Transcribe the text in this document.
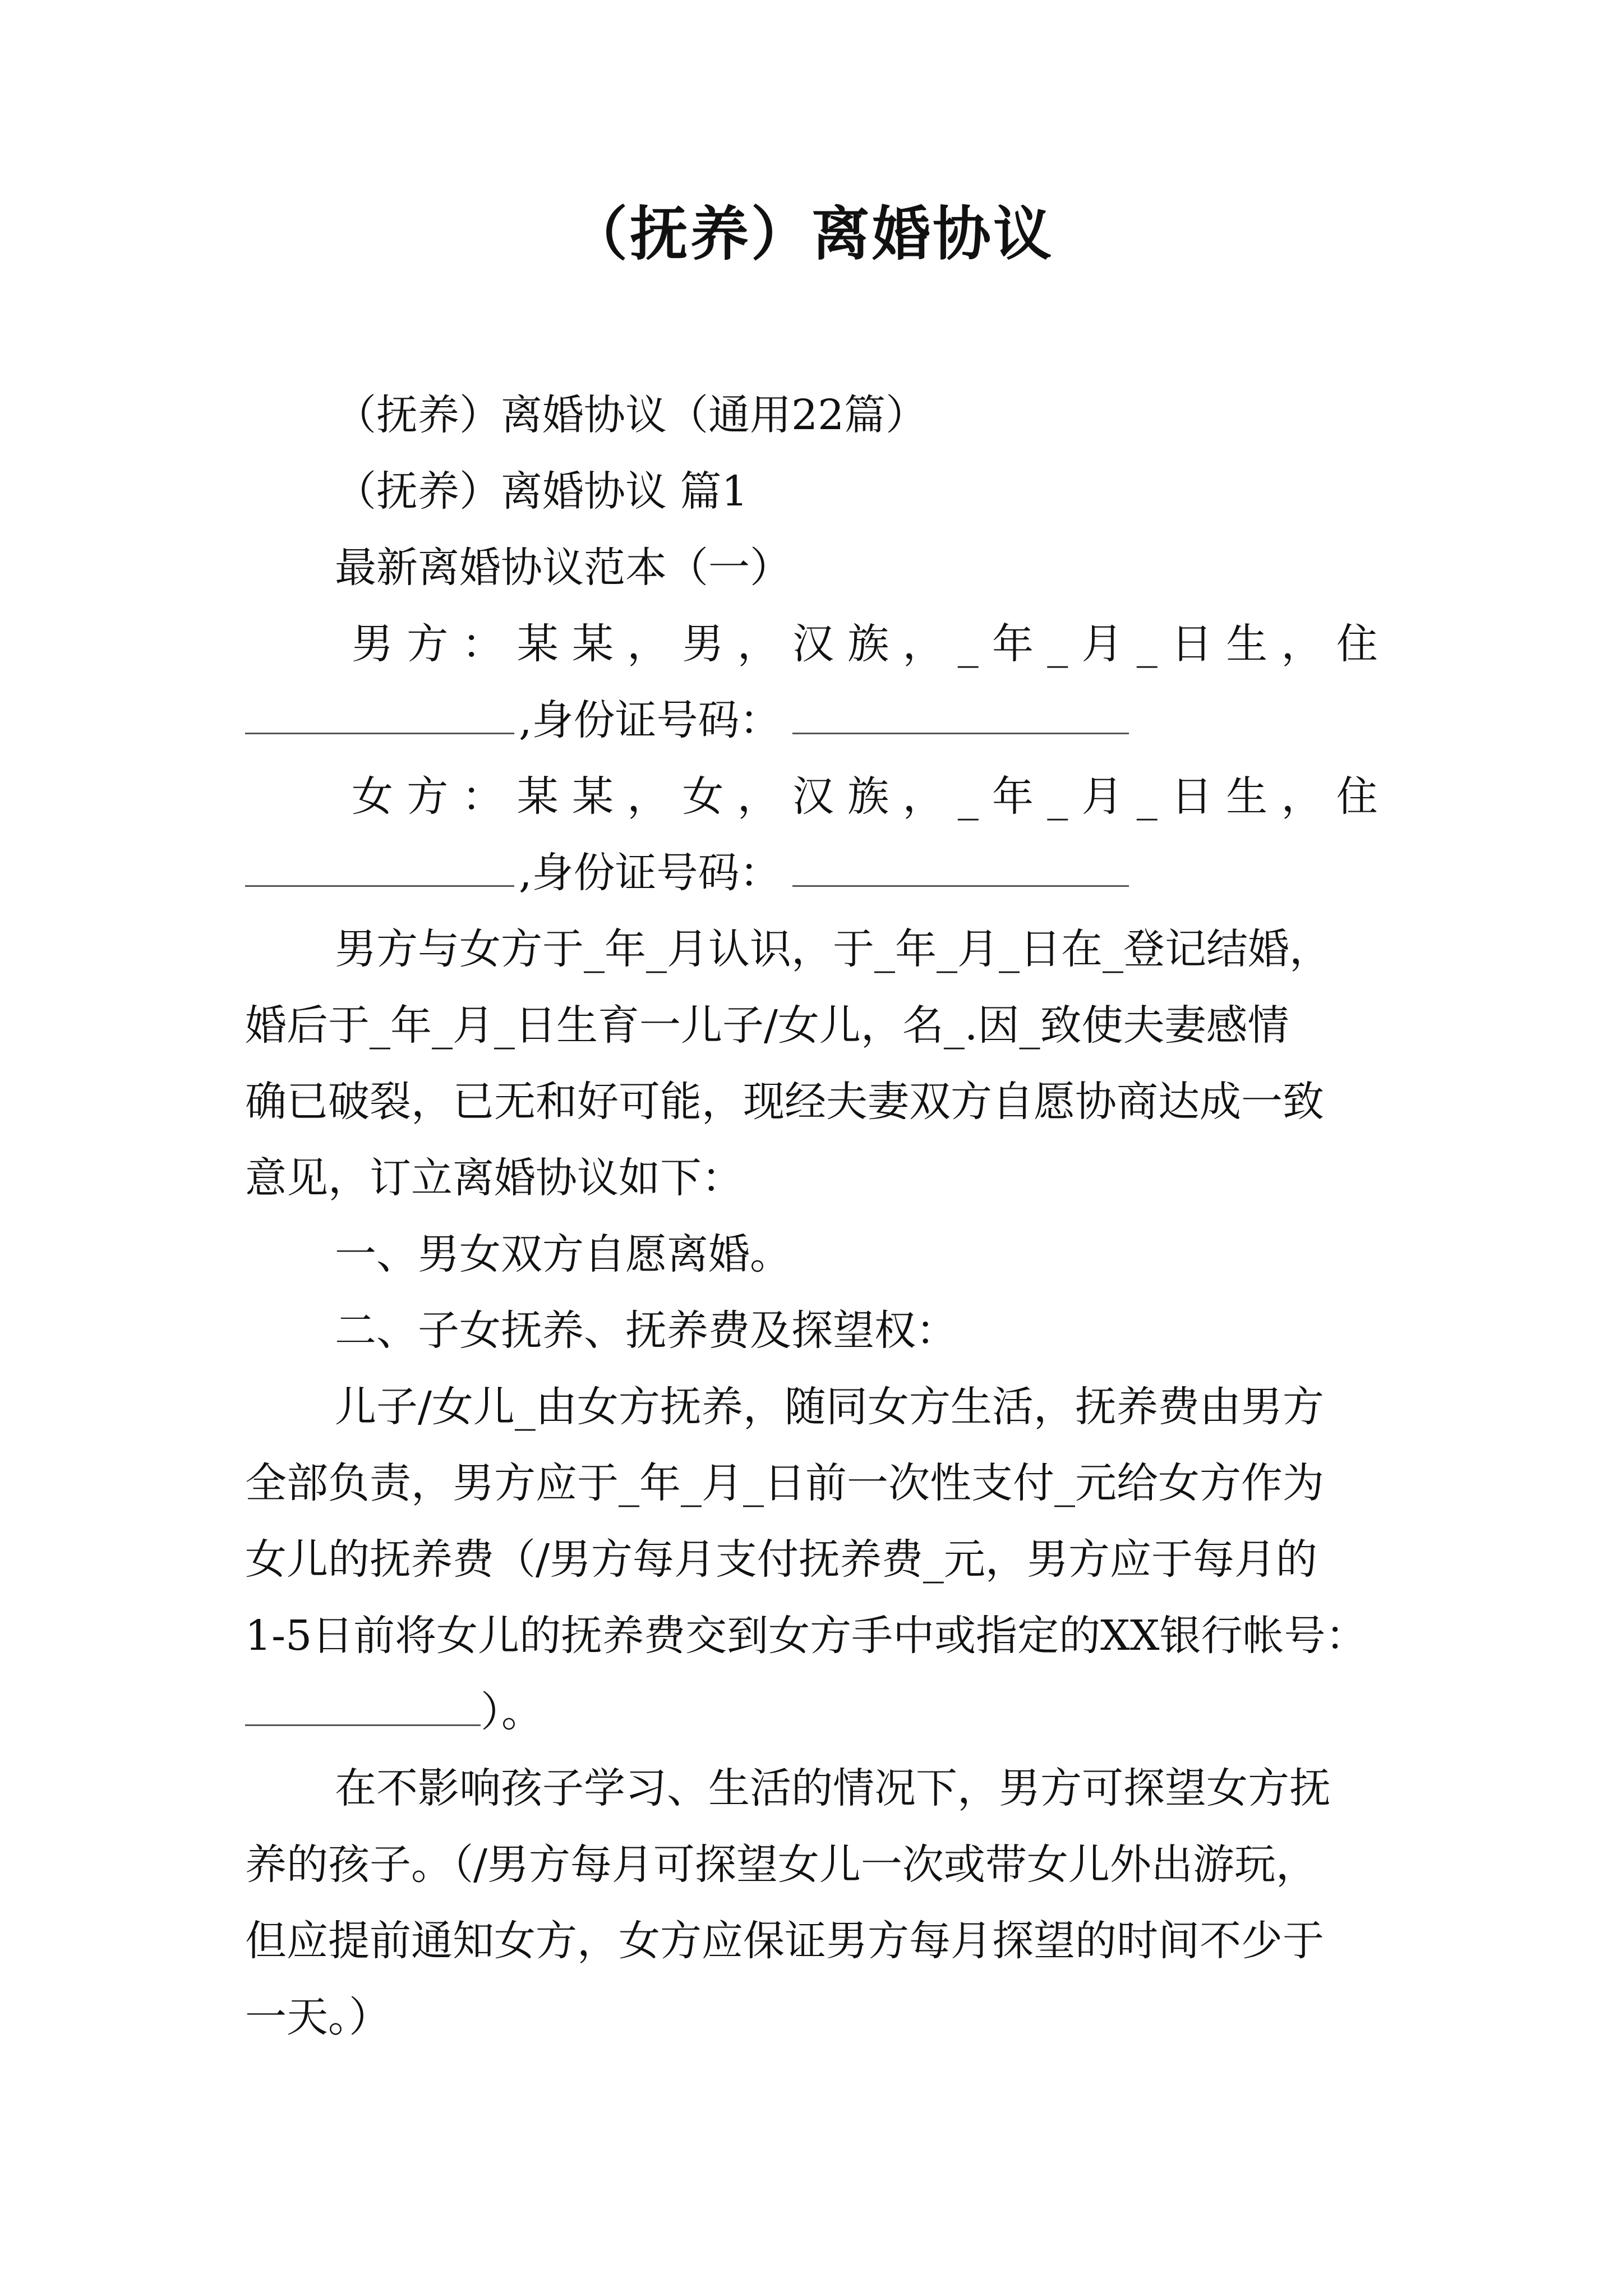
（抚养）离婚协议
（抚养）离婚协议（通用22篇）
（抚养）离婚协议 篇1
最新离婚协议范本（一）
男 方 ： 某 某 ， 男 ， 汉 族 ， _ 年 _ 月 _ 日 生 ， 住
,身份证号码：
女 方 ： 某 某 ， 女 ， 汉 族 ， _ 年 _ 月 _ 日 生 ， 住
,身份证号码：
男方与女方于_年_月认识，于_年_月_日在_登记结婚，
婚后于_年_月_日生育一儿子/女儿，名_.因_致使夫妻感情
确已破裂，已无和好可能，现经夫妻双方自愿协商达成一致
意见，订立离婚协议如下：
一、男女双方自愿离婚。
二、子女抚养、抚养费及探望权：
儿子/女儿_由女方抚养，随同女方生活，抚养费由男方
全部负责，男方应于_年_月_日前一次性支付_元给女方作为
女儿的抚养费（/男方每月支付抚养费_元，男方应于每月的
1-5日前将女儿的抚养费交到女方手中或指定的XX银行帐号：
）。
在不影响孩子学习、生活的情况下，男方可探望女方抚
养的孩子。（/男方每月可探望女儿一次或带女儿外出游玩，
但应提前通知女方，女方应保证男方每月探望的时间不少于
一天。）
